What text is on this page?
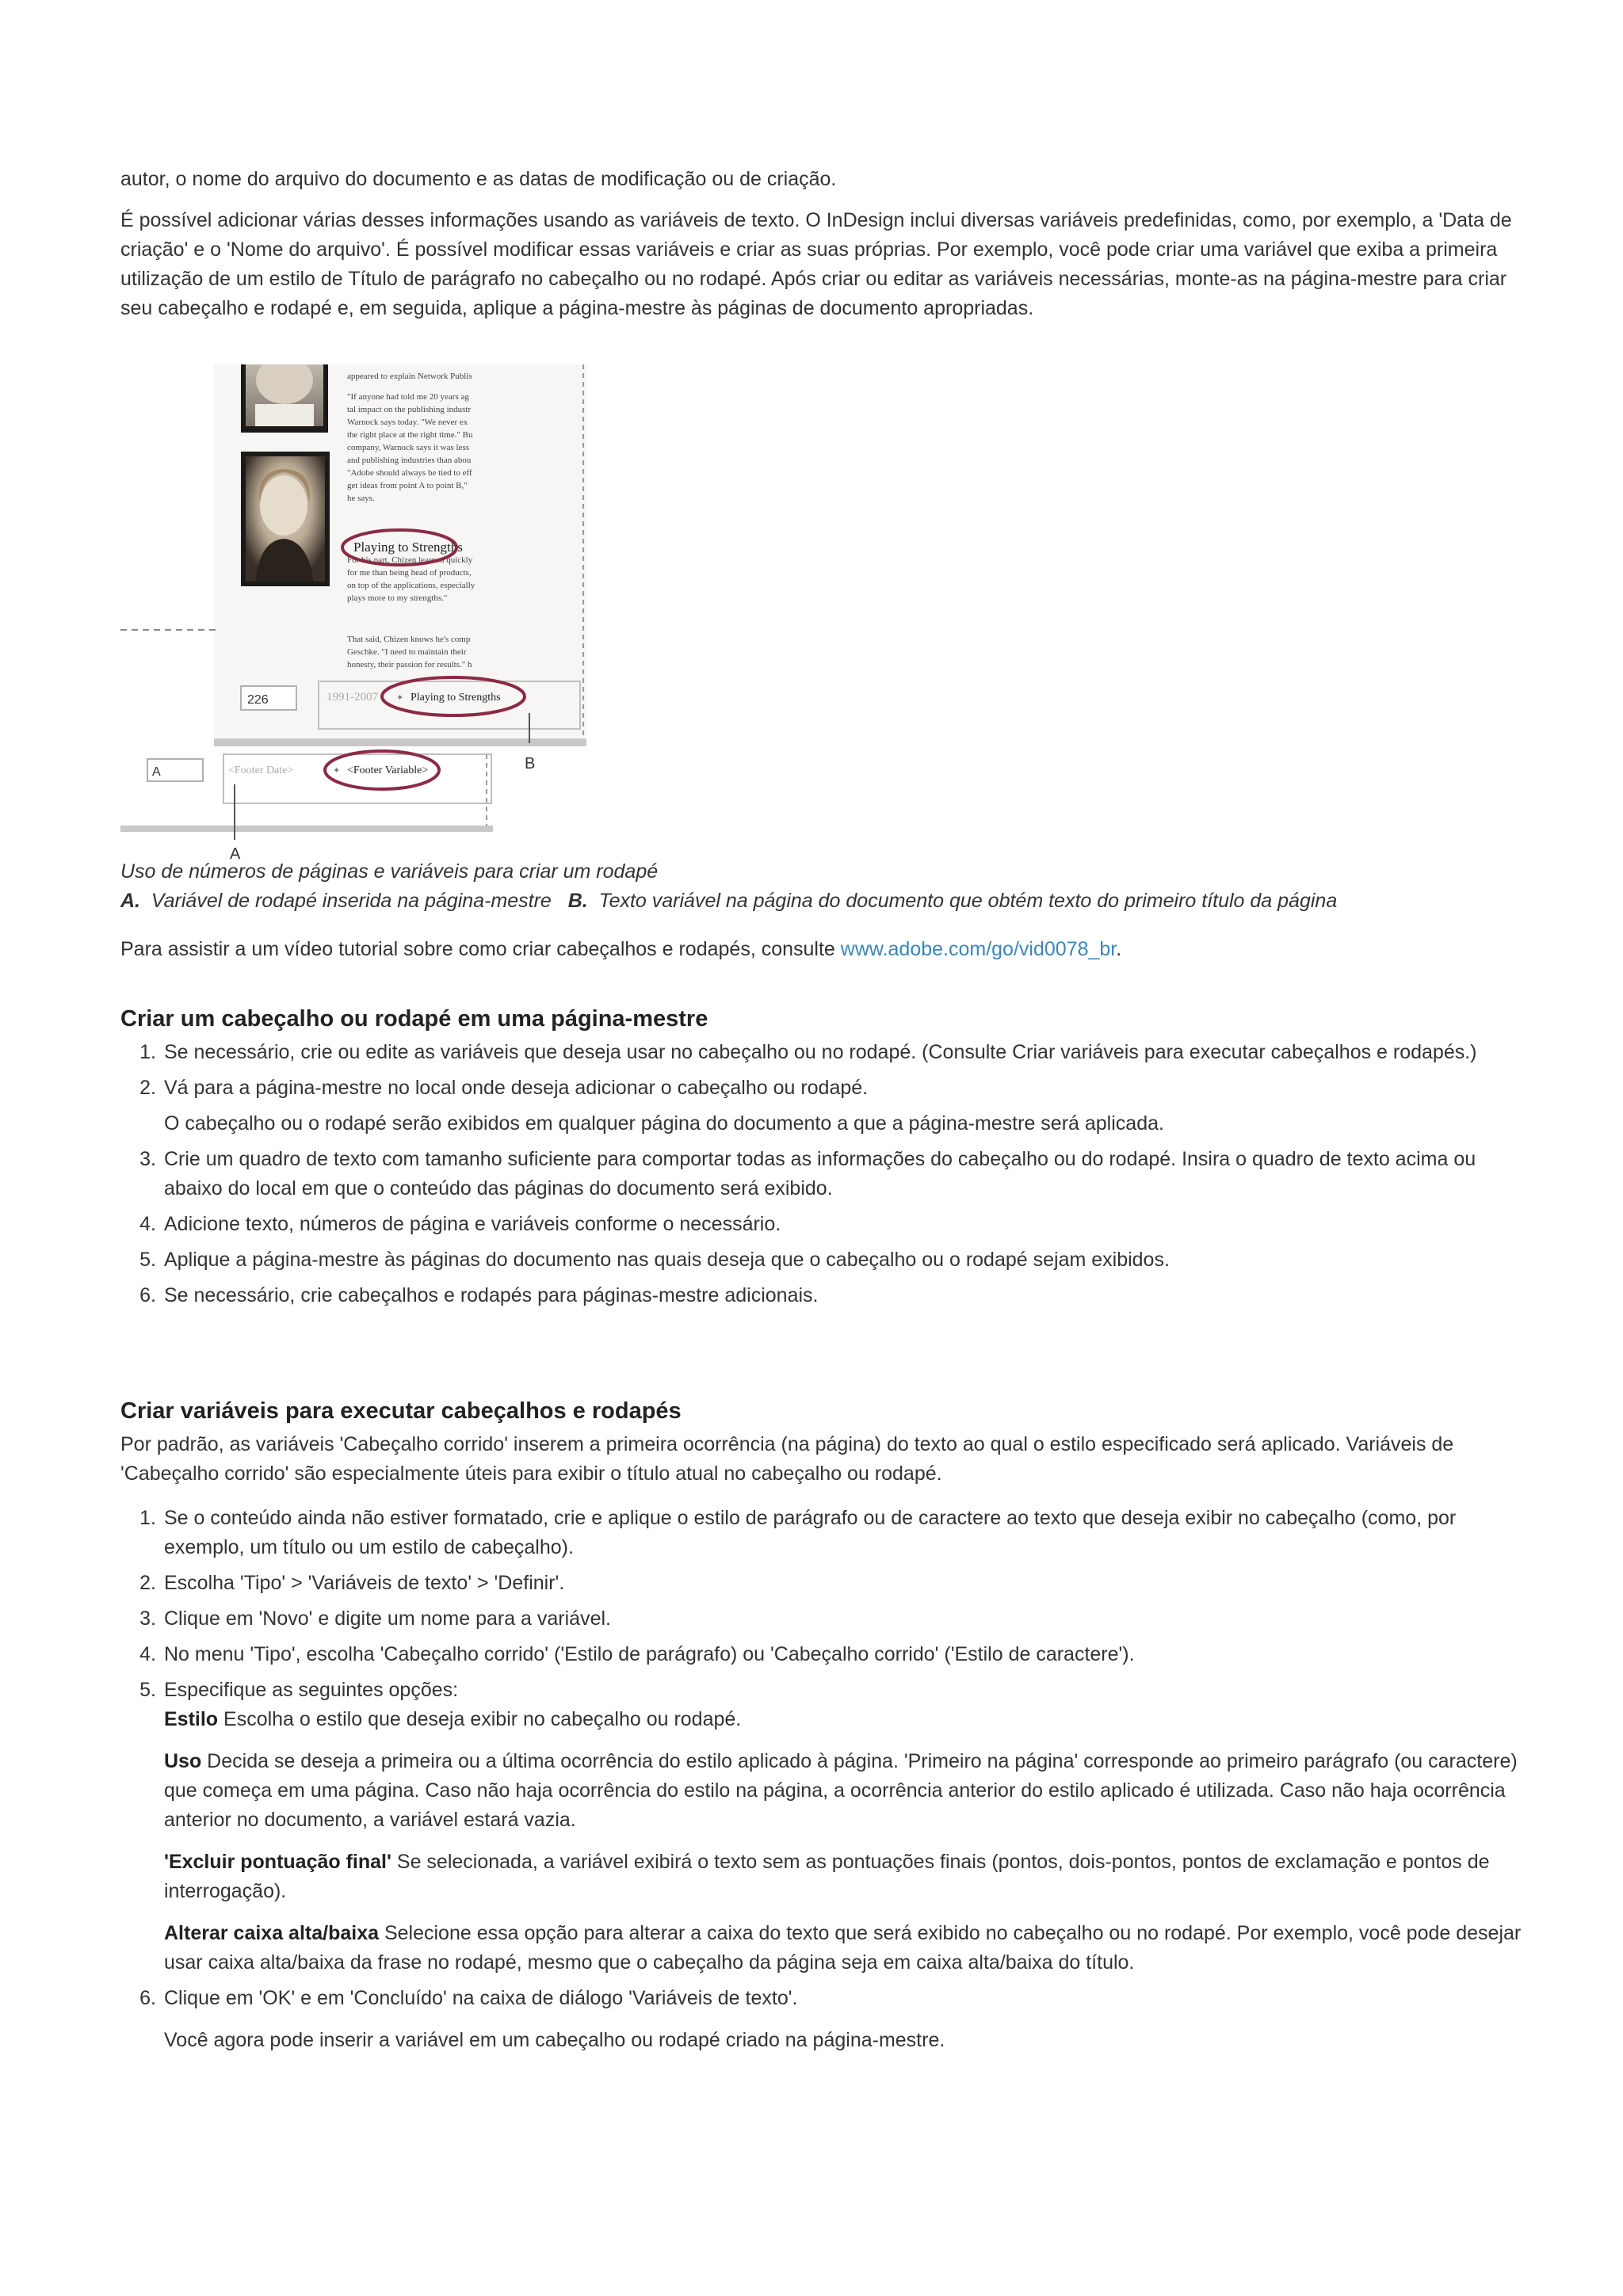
autor, o nome do arquivo do documento e as datas de modificação ou de criação.

É possível adicionar várias desses informações usando as variáveis de texto. O InDesign inclui diversas variáveis predefinidas, como, por exemplo, a 'Data de criação' e o 'Nome do arquivo'. É possível modificar essas variáveis e criar as suas próprias. Por exemplo, você pode criar uma variável que exiba a primeira utilização de um estilo de Título de parágrafo no cabeçalho ou no rodapé. Após criar ou editar as variáveis necessárias, monte-as na página-mestre para criar seu cabeçalho e rodapé e, em seguida, aplique a página-mestre às páginas de documento apropriadas.

appeared to explain Network Publis
"If anyone had told me 20 years ag
tal impact on the publishing industr
Warnock says today. "We never ex
the right place at the right time." Bu
company, Warnock says it was less
and publishing industries than abou
"Adobe should always be tied to eff
get ideas from point A to point B,"
he says.
For his part, Chizen learned quickly
for me than being head of products,
on top of the applications, especially
plays more to my strengths."
That said, Chizen knows he's comp
Geschke. "I need to maintain their
honesty, their passion for results." h
Playing to Strengths
226	1991-2007 ✦ Playing to Strengths
B
A	<Footer Date>	✦ <Footer Variable>
A
Uso de números de páginas e variáveis para criar um rodapé
A. Variável de rodapé inserida na página-mestre B. Texto variável na página do documento que obtém texto do primeiro título da página

Para assistir a um vídeo tutorial sobre como criar cabeçalhos e rodapés, consulte www.adobe.com/go/vid0078_br.

Criar um cabeçalho ou rodapé em uma página-mestre
1. Se necessário, crie ou edite as variáveis que deseja usar no cabeçalho ou no rodapé. (Consulte Criar variáveis para executar cabeçalhos e rodapés.)
2. Vá para a página-mestre no local onde deseja adicionar o cabeçalho ou rodapé.
O cabeçalho ou o rodapé serão exibidos em qualquer página do documento a que a página-mestre será aplicada.
3. Crie um quadro de texto com tamanho suficiente para comportar todas as informações do cabeçalho ou do rodapé. Insira o quadro de texto acima ou abaixo do local em que o conteúdo das páginas do documento será exibido.
4. Adicione texto, números de página e variáveis conforme o necessário.
5. Aplique a página-mestre às páginas do documento nas quais deseja que o cabeçalho ou o rodapé sejam exibidos.
6. Se necessário, crie cabeçalhos e rodapés para páginas-mestre adicionais.
Criar variáveis para executar cabeçalhos e rodapés

Por padrão, as variáveis 'Cabeçalho corrido' inserem a primeira ocorrência (na página) do texto ao qual o estilo especificado será aplicado. Variáveis de 'Cabeçalho corrido' são especialmente úteis para exibir o título atual no cabeçalho ou rodapé.

1. Se o conteúdo ainda não estiver formatado, crie e aplique o estilo de parágrafo ou de caractere ao texto que deseja exibir no cabeçalho (como, por exemplo, um título ou um estilo de cabeçalho).
2. Escolha 'Tipo' > 'Variáveis de texto' > 'Definir'.
3. Clique em 'Novo' e digite um nome para a variável.
4. No menu 'Tipo', escolha 'Cabeçalho corrido' ('Estilo de parágrafo) ou 'Cabeçalho corrido' ('Estilo de caractere').
5. Especifique as seguintes opções:
Estilo Escolha o estilo que deseja exibir no cabeçalho ou rodapé.
Uso Decida se deseja a primeira ou a última ocorrência do estilo aplicado à página. 'Primeiro na página' corresponde ao primeiro parágrafo (ou caractere) que começa em uma página. Caso não haja ocorrência do estilo na página, a ocorrência anterior do estilo aplicado é utilizada. Caso não haja ocorrência anterior no documento, a variável estará vazia.
'Excluir pontuação final' Se selecionada, a variável exibirá o texto sem as pontuações finais (pontos, dois-pontos, pontos de exclamação e pontos de interrogação).
Alterar caixa alta/baixa Selecione essa opção para alterar a caixa do texto que será exibido no cabeçalho ou no rodapé. Por exemplo, você pode desejar usar caixa alta/baixa da frase no rodapé, mesmo que o cabeçalho da página seja em caixa alta/baixa do título.
6. Clique em 'OK' e em 'Concluído' na caixa de diálogo 'Variáveis de texto'.
Você agora pode inserir a variável em um cabeçalho ou rodapé criado na página-mestre.
